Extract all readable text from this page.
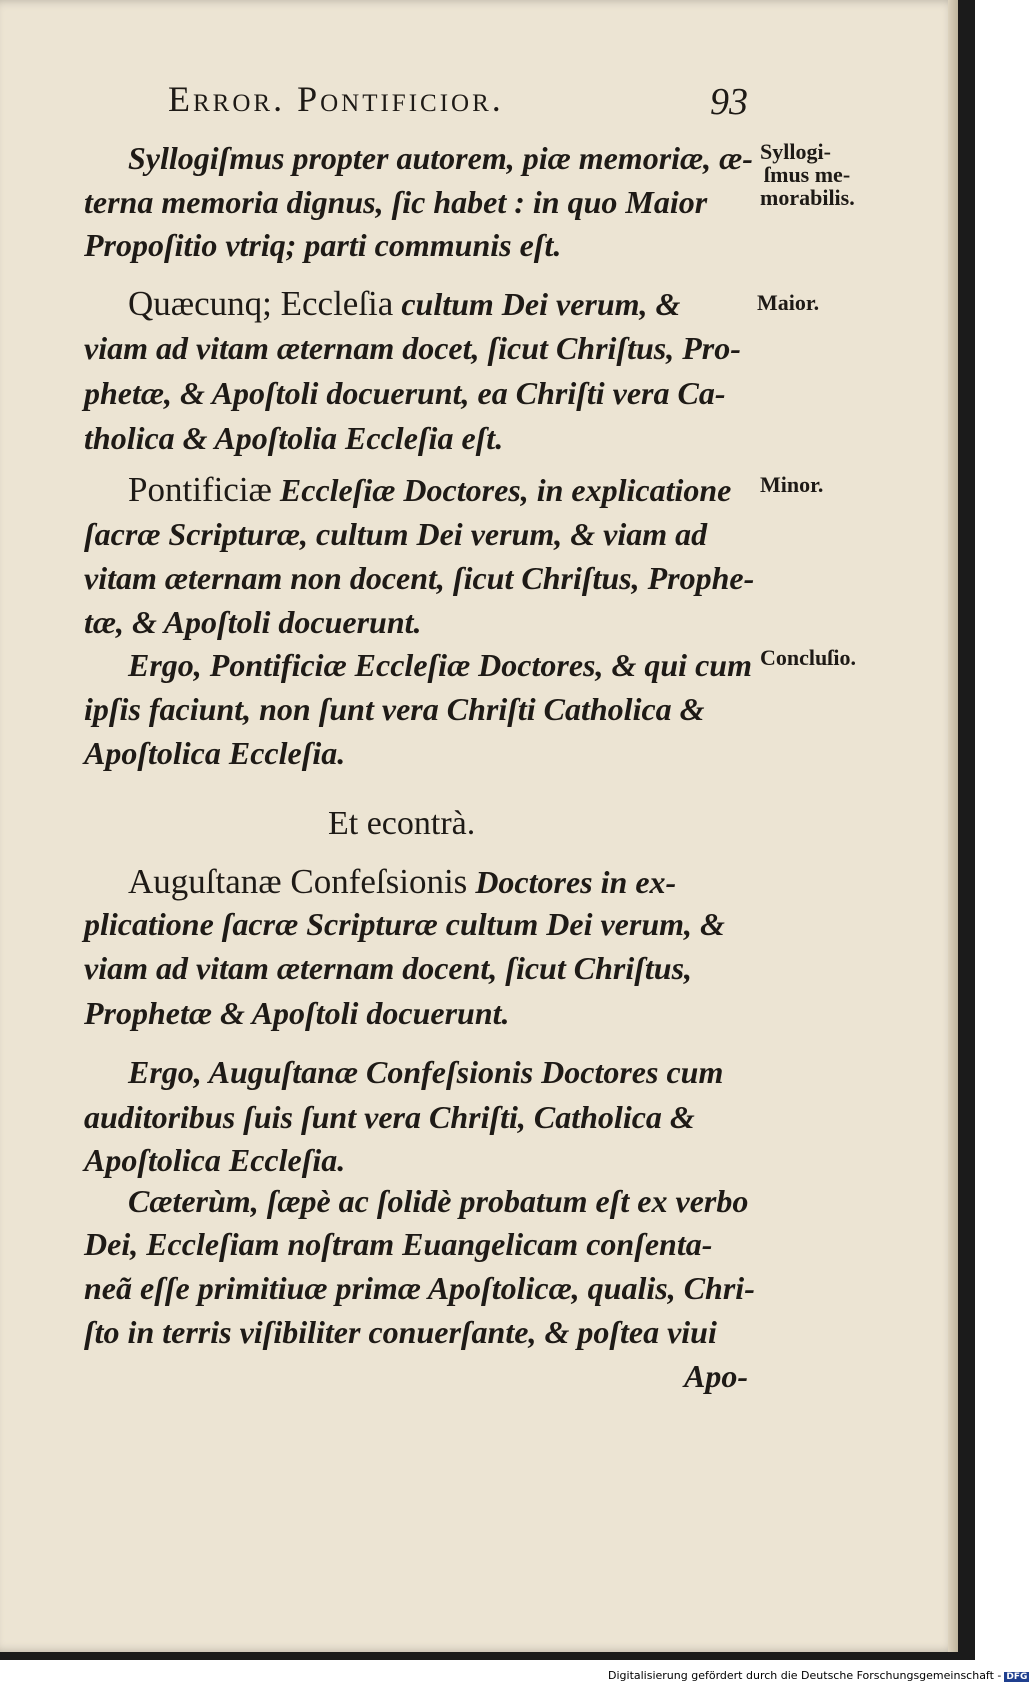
Error. Pontificior.	93
Syllogi-
ſmus me-
morabilis.
Maior.
Minor.
Concluſio.
Syllogiſmus propter autorem, piæ memoriæ, æ-
terna memoria dignus, ſic habet : in quo Maior
Propoſitio vtriq; parti communis eſt.
Quæcunq; Eccleſia cultum Dei verum, &
viam ad vitam æternam docet, ſicut Chriſtus, Pro-
phetæ, & Apoſtoli docuerunt, ea Chriſti vera Ca-
tholica & Apoſtolia Eccleſia eſt.
Pontificiæ Eccleſiæ Doctores, in explicatione
ſacræ Scripturæ, cultum Dei verum, & viam ad
vitam æternam non docent, ſicut Chriſtus, Prophe-
tæ, & Apoſtoli docuerunt.
Ergo, Pontificiæ Eccleſiæ Doctores, & qui cum
ipſis faciunt, non ſunt vera Chriſti Catholica &
Apoſtolica Eccleſia.
Et econtrà.
Auguſtanæ Confeſsionis Doctores in ex-
plicatione ſacræ Scripturæ cultum Dei verum, &
viam ad vitam æternam docent, ſicut Chriſtus,
Prophetæ & Apoſtoli docuerunt.
Ergo, Auguſtanæ Confeſsionis Doctores cum
auditoribus ſuis ſunt vera Chriſti, Catholica &
Apoſtolica Eccleſia.
Cæterùm, ſæpè ac ſolidè probatum eſt ex verbo
Dei, Eccleſiam noſtram Euangelicam conſenta-
neã eſſe primitiuæ primæ Apoſtolicæ, qualis, Chri-
ſto in terris viſibiliter conuerſante, & poſtea viui
Apo-
Digitalisierung gefördert durch die Deutsche Forschungsgemeinschaft - DFG
